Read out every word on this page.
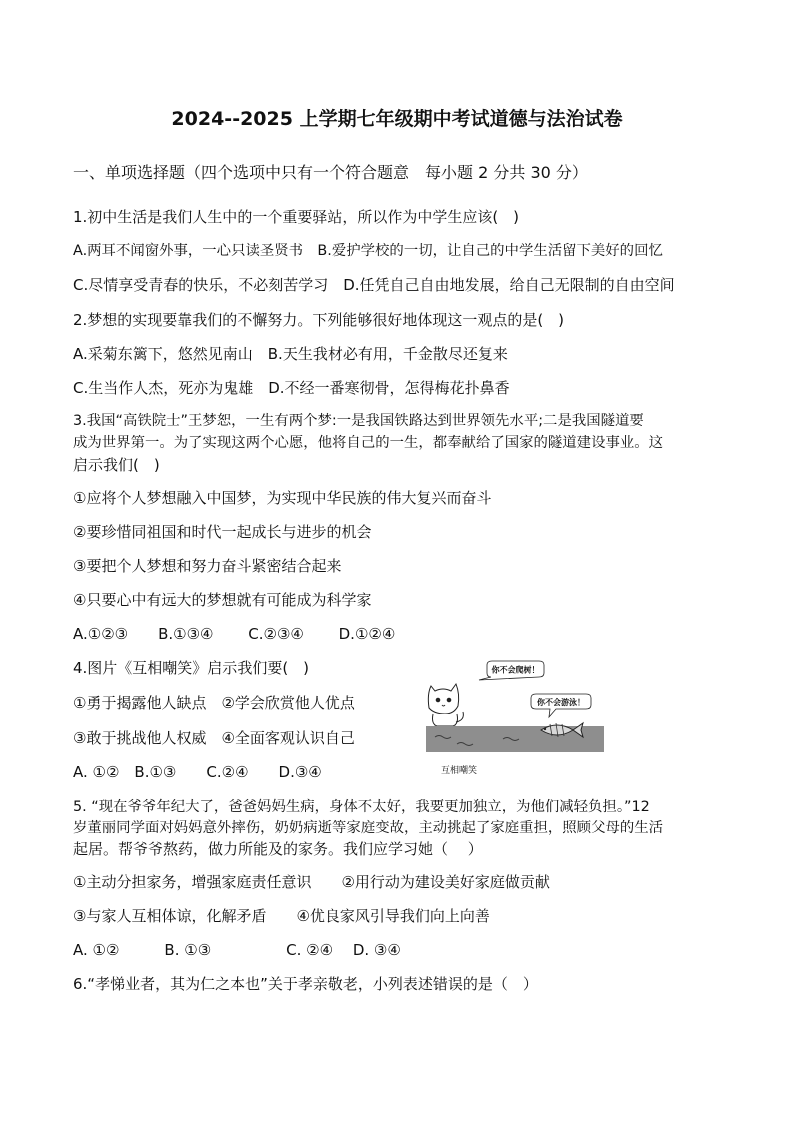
2024--2025 上学期七年级期中考试道德与法治试卷
一、单项选择题（四个选项中只有一个符合题意　每小题 2 分共 30 分）
1.初中生活是我们人生中的一个重要驿站，所以作为中学生应该(　)
A.两耳不闻窗外事，一心只读圣贤书　B.爱护学校的一切，让自己的中学生活留下美好的回忆
C.尽情享受青春的快乐，不必刻苦学习　D.任凭自己自由地发展，给自己无限制的自由空间
2.梦想的实现要靠我们的不懈努力。下列能够很好地体现这一观点的是(　)
A.采菊东篱下，悠然见南山　B.天生我材必有用，千金散尽还复来
C.生当作人杰，死亦为鬼雄　D.不经一番寒彻骨，怎得梅花扑鼻香
3.我国“高铁院士”王梦恕，一生有两个梦:一是我国铁路达到世界领先水平;二是我国隧道要
成为世界第一。为了实现这两个心愿，他将自己的一生，都奉献给了国家的隧道建设事业。这
启示我们(　)
①应将个人梦想融入中国梦，为实现中华民族的伟大复兴而奋斗
②要珍惜同祖国和时代一起成长与进步的机会
③要把个人梦想和努力奋斗紧密结合起来
④只要心中有远大的梦想就有可能成为科学家
A.①②③　　B.①③④　　 C.②③④　　 D.①②④
4.图片《互相嘲笑》启示我们要(　)
①勇于揭露他人缺点　②学会欣赏他人优点
③敢于挑战他人权威　④全面客观认识自己
A. ①②　B.①③　　C.②④　　D.③④
你不会爬树！
你不会游泳！
互相嘲笑
5. “现在爷爷年纪大了，爸爸妈妈生病，身体不太好，我要更加独立，为他们减轻负担。”12
岁董丽同学面对妈妈意外摔伤，奶奶病逝等家庭变故，主动挑起了家庭重担，照顾父母的生活
起居。帮爷爷熬药，做力所能及的家务。我们应学习她（　 ）
①主动分担家务，增强家庭责任意识　　②用行动为建设美好家庭做贡献
③与家人互相体谅，化解矛盾　　④优良家风引导我们向上向善
A. ①②　　　B. ①③　　　　　C. ②④　 D. ③④
6.“孝悌业者，其为仁之本也”关于孝亲敬老，小列表述错误的是（　）
